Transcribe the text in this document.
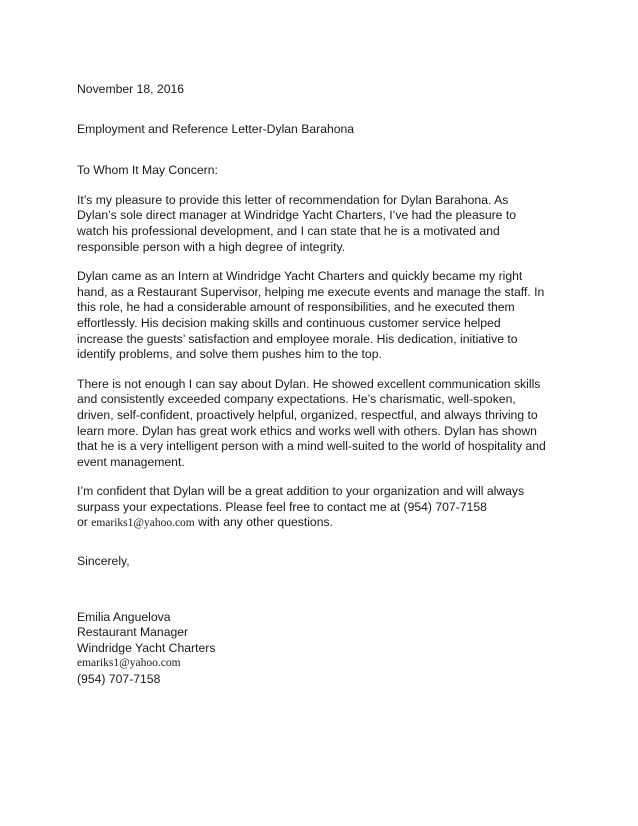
November 18, 2016
Employment and Reference Letter-Dylan Barahona
To Whom It May Concern:
It’s my pleasure to provide this letter of recommendation for Dylan Barahona. As
Dylan’s sole direct manager at Windridge Yacht Charters, I’ve had the pleasure to
watch his professional development, and I can state that he is a motivated and
responsible person with a high degree of integrity.
Dylan came as an Intern at Windridge Yacht Charters and quickly became my right
hand, as a Restaurant Supervisor, helping me execute events and manage the staff. In
this role, he had a considerable amount of responsibilities, and he executed them
effortlessly. His decision making skills and continuous customer service helped
increase the guests’ satisfaction and employee morale. His dedication, initiative to
identify problems, and solve them pushes him to the top.
There is not enough I can say about Dylan. He showed excellent communication skills
and consistently exceeded company expectations. He’s charismatic, well-spoken,
driven, self-confident, proactively helpful, organized, respectful, and always thriving to
learn more. Dylan has great work ethics and works well with others. Dylan has shown
that he is a very intelligent person with a mind well-suited to the world of hospitality and
event management.
I’m confident that Dylan will be a great addition to your organization and will always
surpass your expectations. Please feel free to contact me at (954) 707-7158
or emariks1@yahoo.com with any other questions.
Sincerely,
Emilia Anguelova
Restaurant Manager
Windridge Yacht Charters
emariks1@yahoo.com
(954) 707-7158
